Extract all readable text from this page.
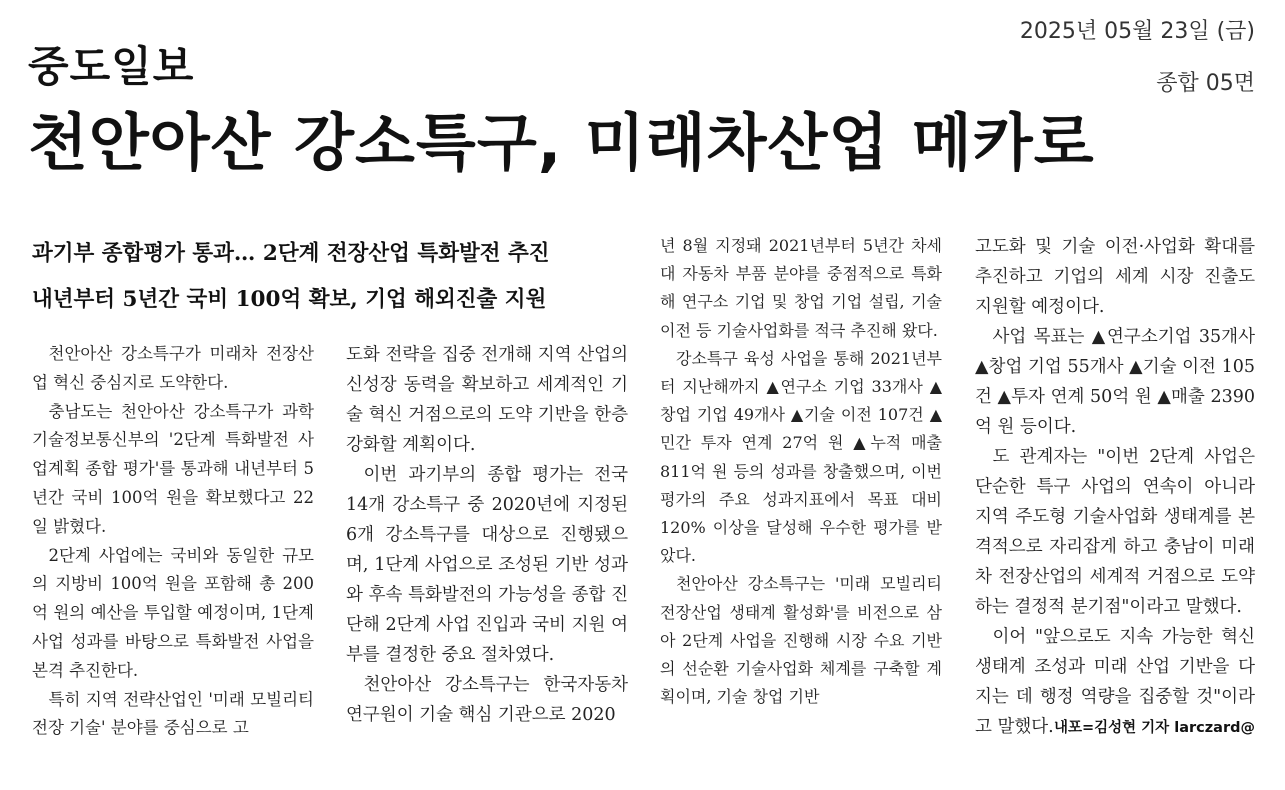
2025년 05월 23일 (금)
중도일보	종합 05면
천안아산 강소특구, 미래차산업 메카로
과기부 종합평가 통과… 2단계 전장산업 특화발전 추진
내년부터 5년간 국비 100억 확보, 기업 해외진출 지원

천안아산 강소특구가 미래차 전장산업 혁신 중심지로 도약한다.

충남도는 천안아산 강소특구가 과학기술정보통신부의 '2단계 특화발전 사업계획 종합 평가'를 통과해 내년부터 5년간 국비 100억 원을 확보했다고 22일 밝혔다.

2단계 사업에는 국비와 동일한 규모의 지방비 100억 원을 포함해 총 200억 원의 예산을 투입할 예정이며, 1단계 사업 성과를 바탕으로 특화발전 사업을 본격 추진한다.

특히 지역 전략산업인 '미래 모빌리티 전장 기술' 분야를 중심으로 고

도화 전략을 집중 전개해 지역 산업의 신성장 동력을 확보하고 세계적인 기술 혁신 거점으로의 도약 기반을 한층 강화할 계획이다.

이번 과기부의 종합 평가는 전국 14개 강소특구 중 2020년에 지정된 6개 강소특구를 대상으로 진행됐으며, 1단계 사업으로 조성된 기반 성과와 후속 특화발전의 가능성을 종합 진단해 2단계 사업 진입과 국비 지원 여부를 결정한 중요 절차였다.

천안아산 강소특구는 한국자동차연구원이 기술 핵심 기관으로 2020

년 8월 지정돼 2021년부터 5년간 차세대 자동차 부품 분야를 중점적으로 특화해 연구소 기업 및 창업 기업 설립, 기술 이전 등 기술사업화를 적극 추진해 왔다.

강소특구 육성 사업을 통해 2021년부터 지난해까지 ▲연구소 기업 33개사 ▲창업 기업 49개사 ▲기술 이전 107건 ▲민간 투자 연계 27억 원 ▲누적 매출 811억 원 등의 성과를 창출했으며, 이번 평가의 주요 성과지표에서 목표 대비 120% 이상을 달성해 우수한 평가를 받았다.

천안아산 강소특구는 '미래 모빌리티 전장산업 생태계 활성화'를 비전으로 삼아 2단계 사업을 진행해 시장 수요 기반의 선순환 기술사업화 체계를 구축할 계획이며, 기술 창업 기반

고도화 및 기술 이전·사업화 확대를 추진하고 기업의 세계 시장 진출도 지원할 예정이다.

사업 목표는 ▲연구소기업 35개사 ▲창업 기업 55개사 ▲기술 이전 105건 ▲투자 연계 50억 원 ▲매출 2390억 원 등이다.

도 관계자는 "이번 2단계 사업은 단순한 특구 사업의 연속이 아니라 지역 주도형 기술사업화 생태계를 본격적으로 자리잡게 하고 충남이 미래차 전장산업의 세계적 거점으로 도약하는 결정적 분기점"이라고 말했다.

이어 "앞으로도 지속 가능한 혁신 생태계 조성과 미래 산업 기반을 다지는 데 행정 역량을 집중할 것"이라고 말했다. 내포=김성현 기자 larczard@
